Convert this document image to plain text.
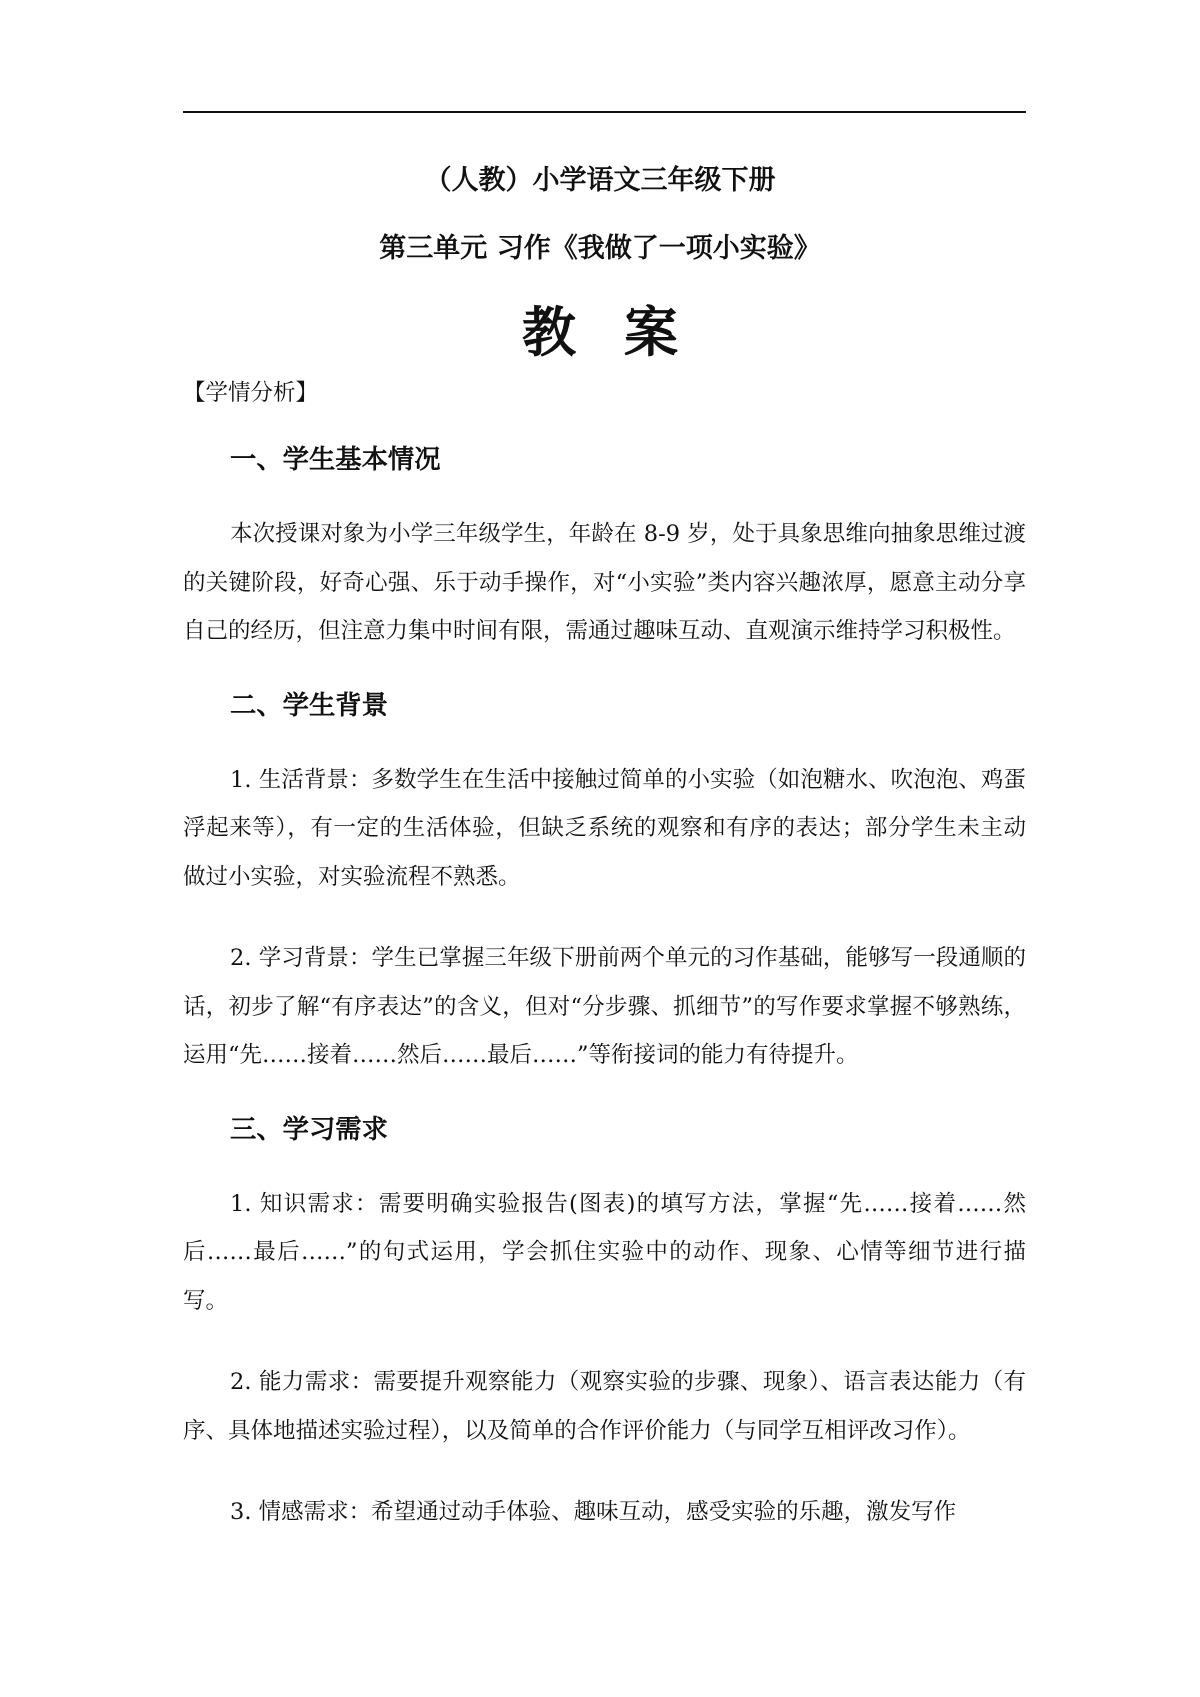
（人教）小学语文三年级下册
第三单元 习作《我做了一项小实验》
教案

【学情分析】

一、学生基本情况

本次授课对象为小学三年级学生，年龄在 8-9 岁，处于具象思维向抽象思维过渡的关键阶段，好奇心强、乐于动手操作，对“小实验”类内容兴趣浓厚，愿意主动分享自己的经历，但注意力集中时间有限，需通过趣味互动、直观演示维持学习积极性。

二、学生背景

1. 生活背景：多数学生在生活中接触过简单的小实验（如泡糖水、吹泡泡、鸡蛋浮起来等），有一定的生活体验，但缺乏系统的观察和有序的表达；部分学生未主动做过小实验，对实验流程不熟悉。

2. 学习背景：学生已掌握三年级下册前两个单元的习作基础，能够写一段通顺的话，初步了解“有序表达”的含义，但对“分步骤、抓细节”的写作要求掌握不够熟练，运用“先……接着……然后……最后……”等衔接词的能力有待提升。

三、学习需求

1. 知识需求：需要明确实验报告(图表)的填写方法，掌握“先……接着……然后……最后……”的句式运用，学会抓住实验中的动作、现象、心情等细节进行描写。

2. 能力需求：需要提升观察能力（观察实验的步骤、现象）、语言表达能力（有序、具体地描述实验过程），以及简单的合作评价能力（与同学互相评改习作）。

3. 情感需求：希望通过动手体验、趣味互动，感受实验的乐趣，激发写作
